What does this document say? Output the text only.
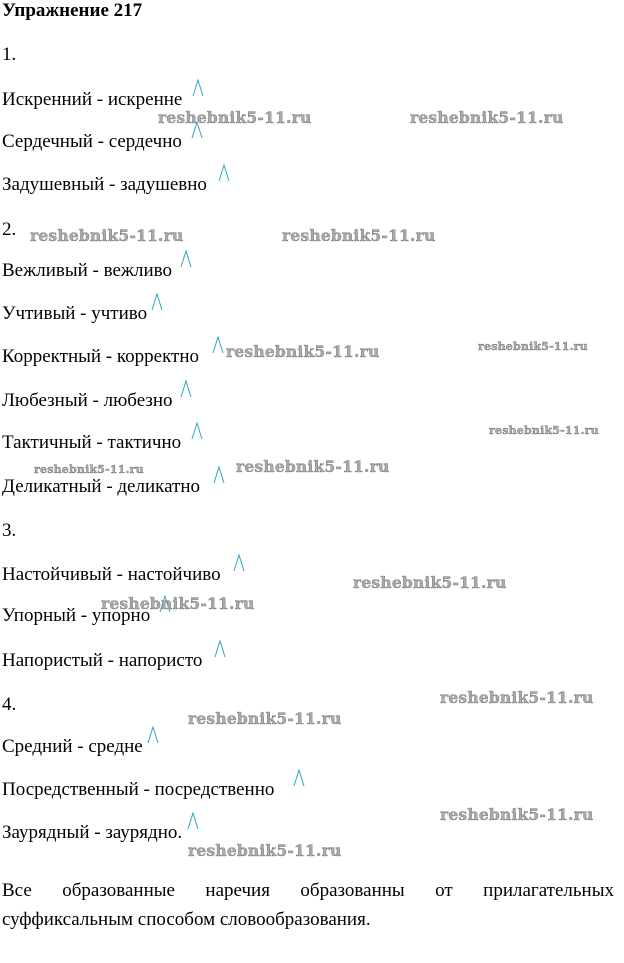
Упражнение 217
1.
Искренний - искренне
Сердечный - сердечно
Задушевный - задушевно
2.
Вежливый - вежливо
Учтивый - учтиво
Корректный - корректно
Любезный - любезно
Тактичный - тактично
Деликатный - деликатно
3.
Настойчивый - настойчиво
Упорный - упорно
Напористый - напористо
4.
Средний - средне
Посредственный - посредственно
Заурядный - заурядно.
Все образованные наречия образованны от прилагательных суффиксальным способом словообразования.
reshebnik5-11.ru	reshebnik5-11.ru
reshebnik5-11.ru	reshebnik5-11.ru
reshebnik5-11.ru	reshebnik5-11.ru
reshebnik5-11.ru
reshebnik5-11.ru
reshebnik5-11.ru
reshebnik5-11.ru
reshebnik5-11.ru
reshebnik5-11.ru
reshebnik5-11.ru
reshebnik5-11.ru
reshebnik5-11.ru
